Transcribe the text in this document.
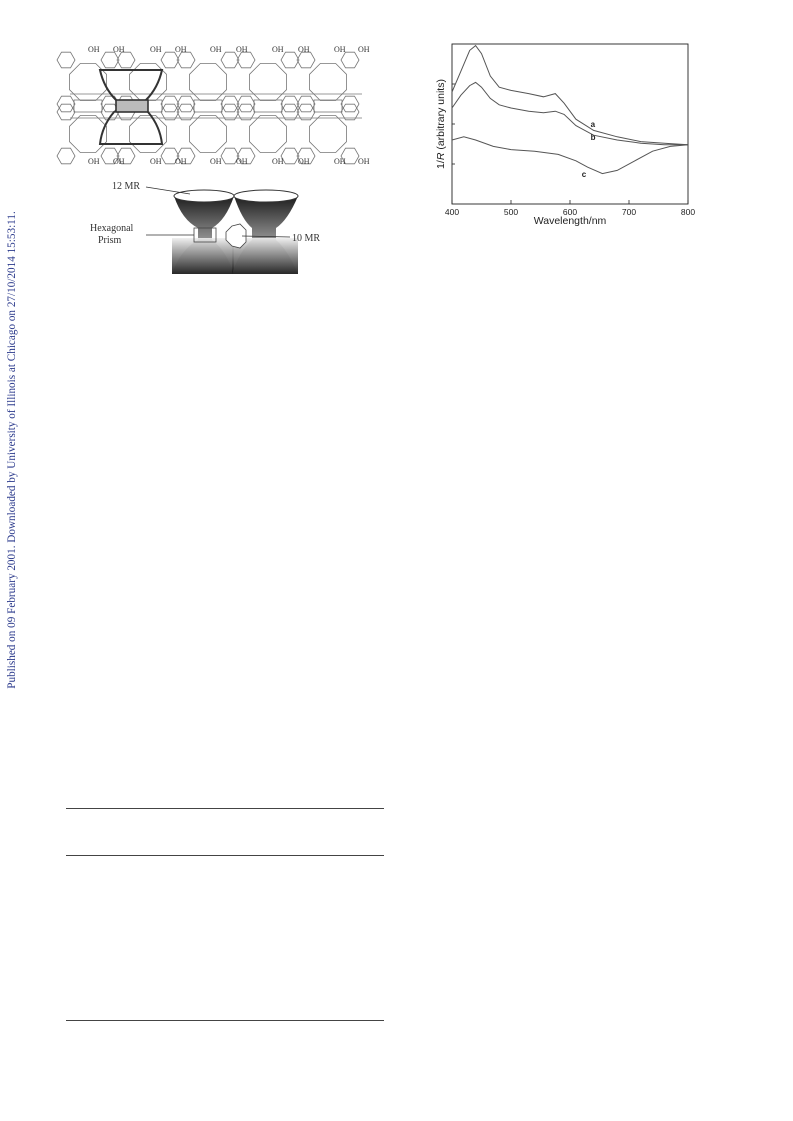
Published on 09 February 2001. Downloaded by University of Illinois at Chicago on 27/10/2014 15:53:11.
OH OH	OH OH	OH OH	OH OH	OH OH
OH OH	OH OH	OH OH	OH OH	OH OH
12 MR
Hexagonal
Prism	10 MR
400	500	600	700	800
a
b
c
Wavelength/nm
1/R (arbitrary units)
